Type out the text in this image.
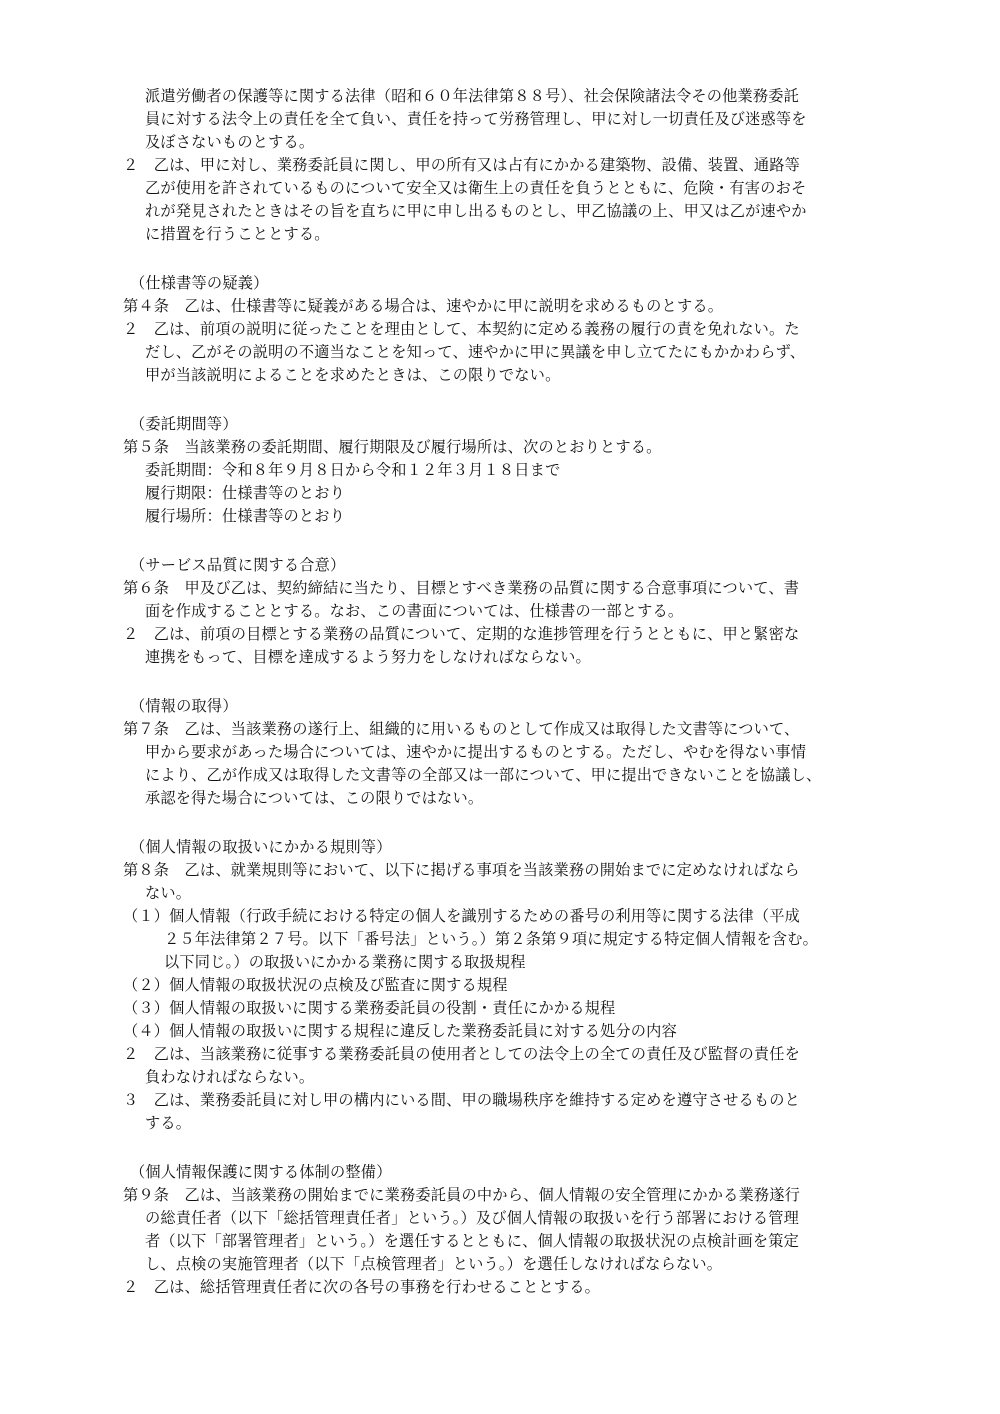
派遣労働者の保護等に関する法律（昭和６０年法律第８８号）、社会保険諸法令その他業務委託
員に対する法令上の責任を全て負い、責任を持って労務管理し、甲に対し一切責任及び迷惑等を
及ぼさないものとする。
２　乙は、甲に対し、業務委託員に関し、甲の所有又は占有にかかる建築物、設備、装置、通路等
乙が使用を許されているものについて安全又は衛生上の責任を負うとともに、危険・有害のおそ
れが発見されたときはその旨を直ちに甲に申し出るものとし、甲乙協議の上、甲又は乙が速やか
に措置を行うこととする。
（仕様書等の疑義）
第４条　乙は、仕様書等に疑義がある場合は、速やかに甲に説明を求めるものとする。
２　乙は、前項の説明に従ったことを理由として、本契約に定める義務の履行の責を免れない。た
だし、乙がその説明の不適当なことを知って、速やかに甲に異議を申し立てたにもかかわらず、
甲が当該説明によることを求めたときは、この限りでない。
（委託期間等）
第５条　当該業務の委託期間、履行期限及び履行場所は、次のとおりとする。
委託期間：令和８年９月８日から令和１２年３月１８日まで
履行期限：仕様書等のとおり
履行場所：仕様書等のとおり
（サービス品質に関する合意）
第６条　甲及び乙は、契約締結に当たり、目標とすべき業務の品質に関する合意事項について、書
面を作成することとする。なお、この書面については、仕様書の一部とする。
２　乙は、前項の目標とする業務の品質について、定期的な進捗管理を行うとともに、甲と緊密な
連携をもって、目標を達成するよう努力をしなければならない。
（情報の取得）
第７条　乙は、当該業務の遂行上、組織的に用いるものとして作成又は取得した文書等について、
甲から要求があった場合については、速やかに提出するものとする。ただし、やむを得ない事情
により、乙が作成又は取得した文書等の全部又は一部について、甲に提出できないことを協議し、
承認を得た場合については、この限りではない。
（個人情報の取扱いにかかる規則等）
第８条　乙は、就業規則等において、以下に掲げる事項を当該業務の開始までに定めなければなら
ない。
（１）個人情報（行政手続における特定の個人を識別するための番号の利用等に関する法律（平成
２５年法律第２７号。以下「番号法」という。）第２条第９項に規定する特定個人情報を含む。
以下同じ。）の取扱いにかかる業務に関する取扱規程
（２）個人情報の取扱状況の点検及び監査に関する規程
（３）個人情報の取扱いに関する業務委託員の役割・責任にかかる規程
（４）個人情報の取扱いに関する規程に違反した業務委託員に対する処分の内容
２　乙は、当該業務に従事する業務委託員の使用者としての法令上の全ての責任及び監督の責任を
負わなければならない。
３　乙は、業務委託員に対し甲の構内にいる間、甲の職場秩序を維持する定めを遵守させるものと
する。
（個人情報保護に関する体制の整備）
第９条　乙は、当該業務の開始までに業務委託員の中から、個人情報の安全管理にかかる業務遂行
の総責任者（以下「総括管理責任者」という。）及び個人情報の取扱いを行う部署における管理
者（以下「部署管理者」という。）を選任するとともに、個人情報の取扱状況の点検計画を策定
し、点検の実施管理者（以下「点検管理者」という。）を選任しなければならない。
２　乙は、総括管理責任者に次の各号の事務を行わせることとする。
